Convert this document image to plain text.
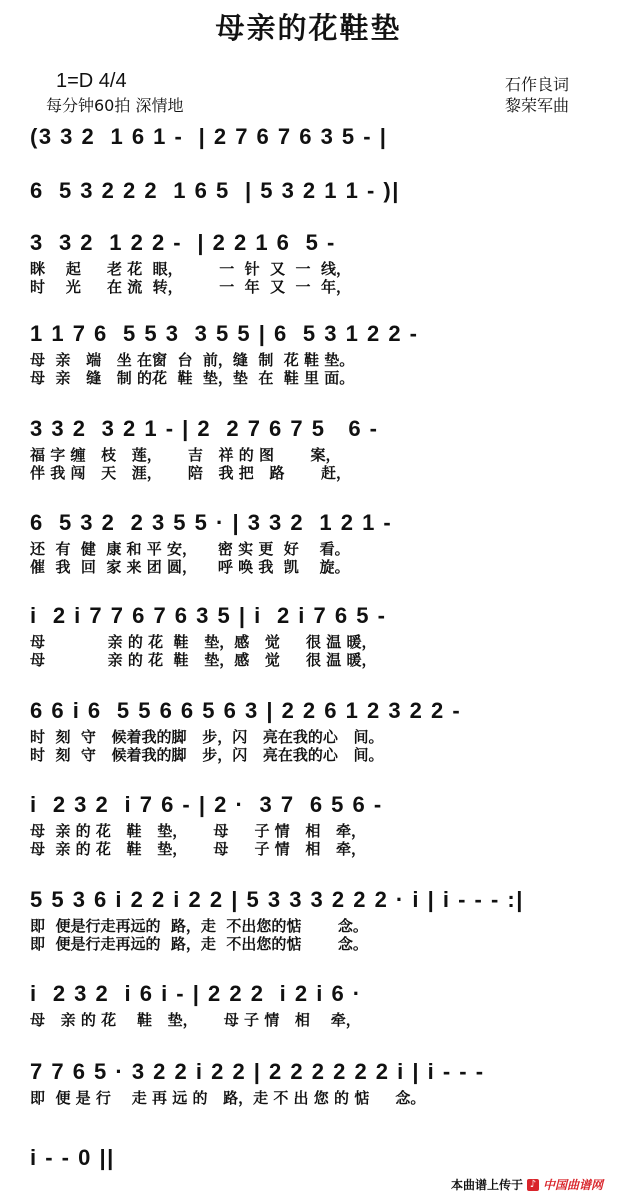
母亲的花鞋垫
1=D 4/4
每分钟60拍 深情地
石作良词
黎荣军曲
(3 3 2  1 6 1 -  | 2 7 6 7 6 3 5 - |
6  5 3 2 2 2  1 6 5  | 5 3 2 1 1 - )|
3  3 2  1 2 2 -  | 2 2 1 6  5 -
眯    起     老 花  眼，       一  针  又  一  线，
时    光     在 流  转，       一  年  又  一  年，
1 1 7 6  5 5 3  3 5 5 | 6  5 3 1 2 2 -
母  亲   端   坐 在窗  台  前，缝  制  花 鞋 垫。
母  亲   缝   制 的花  鞋  垫，垫  在  鞋 里 面。
3 3 2  3 2 1 - | 2  2 7 6 7 5   6 -
福 字 缠   枝   莲，     吉   祥 的 图       案，
伴 我 闯   天   涯，     陪   我 把   路       赶，
6  5 3 2  2 3 5 5 · | 3 3 2  1 2 1 -
还  有  健  康 和 平 安，    密 实 更  好    看。
催  我  回  家 来 团 圆，    呼 唤 我  凯    旋。
i  2 i 7 7 6 7 6 3 5 | i  2 i 7 6 5 -
母            亲 的 花  鞋   垫，感   觉     很 温 暖，
母            亲 的 花  鞋   垫，感   觉     很 温 暖，
6 6 i 6  5 5 6 6 5 6 3 | 2 2 6 1 2 3 2 2 -
时  刻  守   候着我的脚   步，闪   亮在我的心   间。
时  刻  守   候着我的脚   步，闪   亮在我的心   间。
i  2 3 2  i 7 6 - | 2 ·  3 7  6 5 6 -
母  亲 的 花   鞋   垫，     母     子 情   相   牵，
母  亲 的 花   鞋   垫，     母     子 情   相   牵，
5 5 3 6 i 2 2 i 2 2 | 5 3 3 3 2 2 2 · i | i - - - :|
即  便是行走再远的  路，走  不出您的惦       念。
即  便是行走再远的  路，走  不出您的惦       念。
i  2 3 2  i 6 i - | 2 2 2  i 2 i 6 ·
母   亲 的 花    鞋   垫，     母 子 情   相    牵，
7 7 6 5 · 3 2 2 i 2 2 | 2 2 2 2 2 2 i | i - - -
即  便 是 行    走 再 远 的   路，走 不 出 您 的 惦     念。
i - - 0 ||
本曲谱上传于 ♪ 中国曲谱网
